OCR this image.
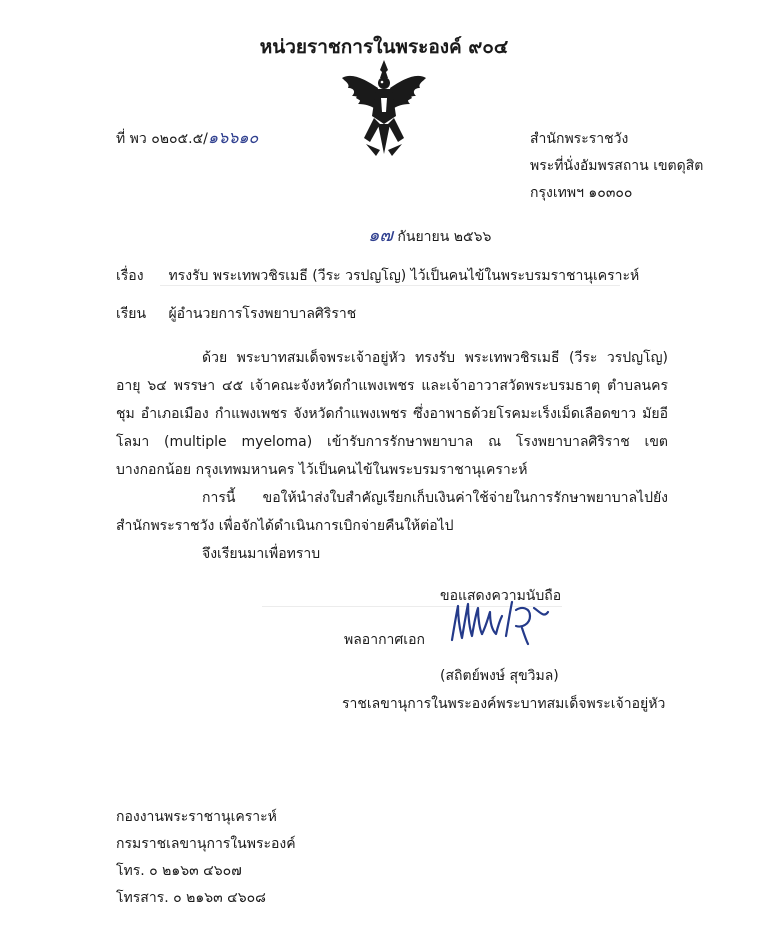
หน่วยราชการในพระองค์ ๙๐๔
ที่ พว ๐๒๐๕.๕/๑๖๖๑๐	สำนักพระราชวัง
พระที่นั่งอัมพรสถาน เขตดุสิต
กรุงเทพฯ ๑๐๓๐๐
๑๗ กันยายน ๒๕๖๖
เรื่อง ทรงรับ พระเทพวชิรเมธี (วีระ วรปญโญ) ไว้เป็นคนไข้ในพระบรมราชานุเคราะห์
เรียน ผู้อำนวยการโรงพยาบาลศิริราช
ด้วย พระบาทสมเด็จพระเจ้าอยู่หัว ทรงรับ พระเทพวชิรเมธี (วีระ วรปญโญ) อายุ ๖๔ พรรษา ๔๕ เจ้าคณะจังหวัดกำแพงเพชร และเจ้าอาวาสวัดพระบรมธาตุ ตำบลนครชุม อำเภอเมือง กำแพงเพชร จังหวัดกำแพงเพชร ซึ่งอาพาธด้วยโรคมะเร็งเม็ดเลือดขาว มัยอีโลมา (multiple myeloma) เข้ารับการรักษาพยาบาล ณ โรงพยาบาลศิริราช เขตบางกอกน้อย กรุงเทพมหานคร ไว้เป็นคนไข้ในพระบรมราชานุเคราะห์
การนี้ ขอให้นำส่งใบสำคัญเรียกเก็บเงินค่าใช้จ่ายในการรักษาพยาบาลไปยังสำนักพระราชวัง เพื่อจักได้ดำเนินการเบิกจ่ายคืนให้ต่อไป
จึงเรียนมาเพื่อทราบ
ขอแสดงความนับถือ
พลอากาศเอก
(สถิตย์พงษ์ สุขวิมล)
ราชเลขานุการในพระองค์พระบาทสมเด็จพระเจ้าอยู่หัว
กองงานพระราชานุเคราะห์
กรมราชเลขานุการในพระองค์
โทร. ๐ ๒๑๖๓ ๔๖๐๗
โทรสาร. ๐ ๒๑๖๓ ๔๖๐๘
